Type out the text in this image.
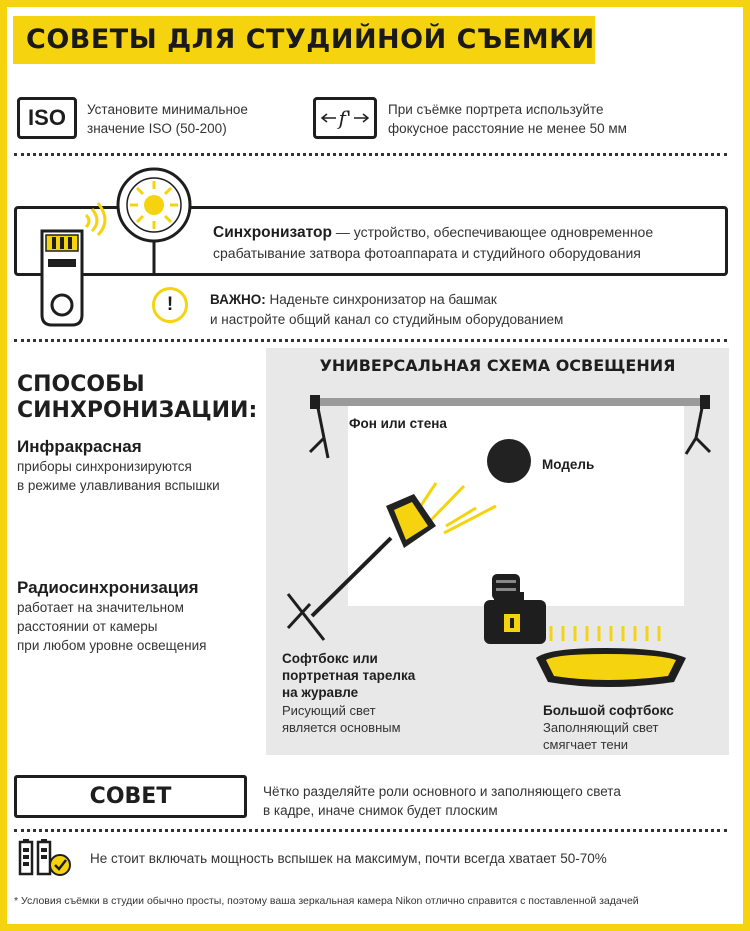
СОВЕТЫ ДЛЯ СТУДИЙНОЙ СЪЕМКИ
ISO	Установите минимальное
значение ISO (50-200)	f'	При съёмке портрета используйте
фокусное расстояние не менее 50 мм
Синхронизатор — устройство, обеспечивающее одновременное
срабатывание затвора фотоаппарата и студийного оборудования
!	ВАЖНО: Наденьте синхронизатор на башмак
и настройте общий канал со студийным оборудованием
СПОСОБЫ
СИНХРОНИЗАЦИИ:
Инфракрасная
приборы синхронизируются
в режиме улавливания вспышки
Радиосинхронизация
работает на значительном
расстоянии от камеры
при любом уровне освещения
УНИВЕРСАЛЬНАЯ СХЕМА ОСВЕЩЕНИЯ
Фон или стена
Модель
Софтбокс или
портретная тарелка
на журавле
Рисующий свет
является основным
Большой софтбокс
Заполняющий свет
смягчает тени
СОВЕТ	Чётко разделяйте роли основного и заполняющего света
в кадре, иначе снимок будет плоским
Не стоит включать мощность вспышек на максимум, почти всегда хватает 50-70%
* Условия съёмки в студии обычно просты, поэтому ваша зеркальная камера Nikon отлично справится с поставленной задачей
